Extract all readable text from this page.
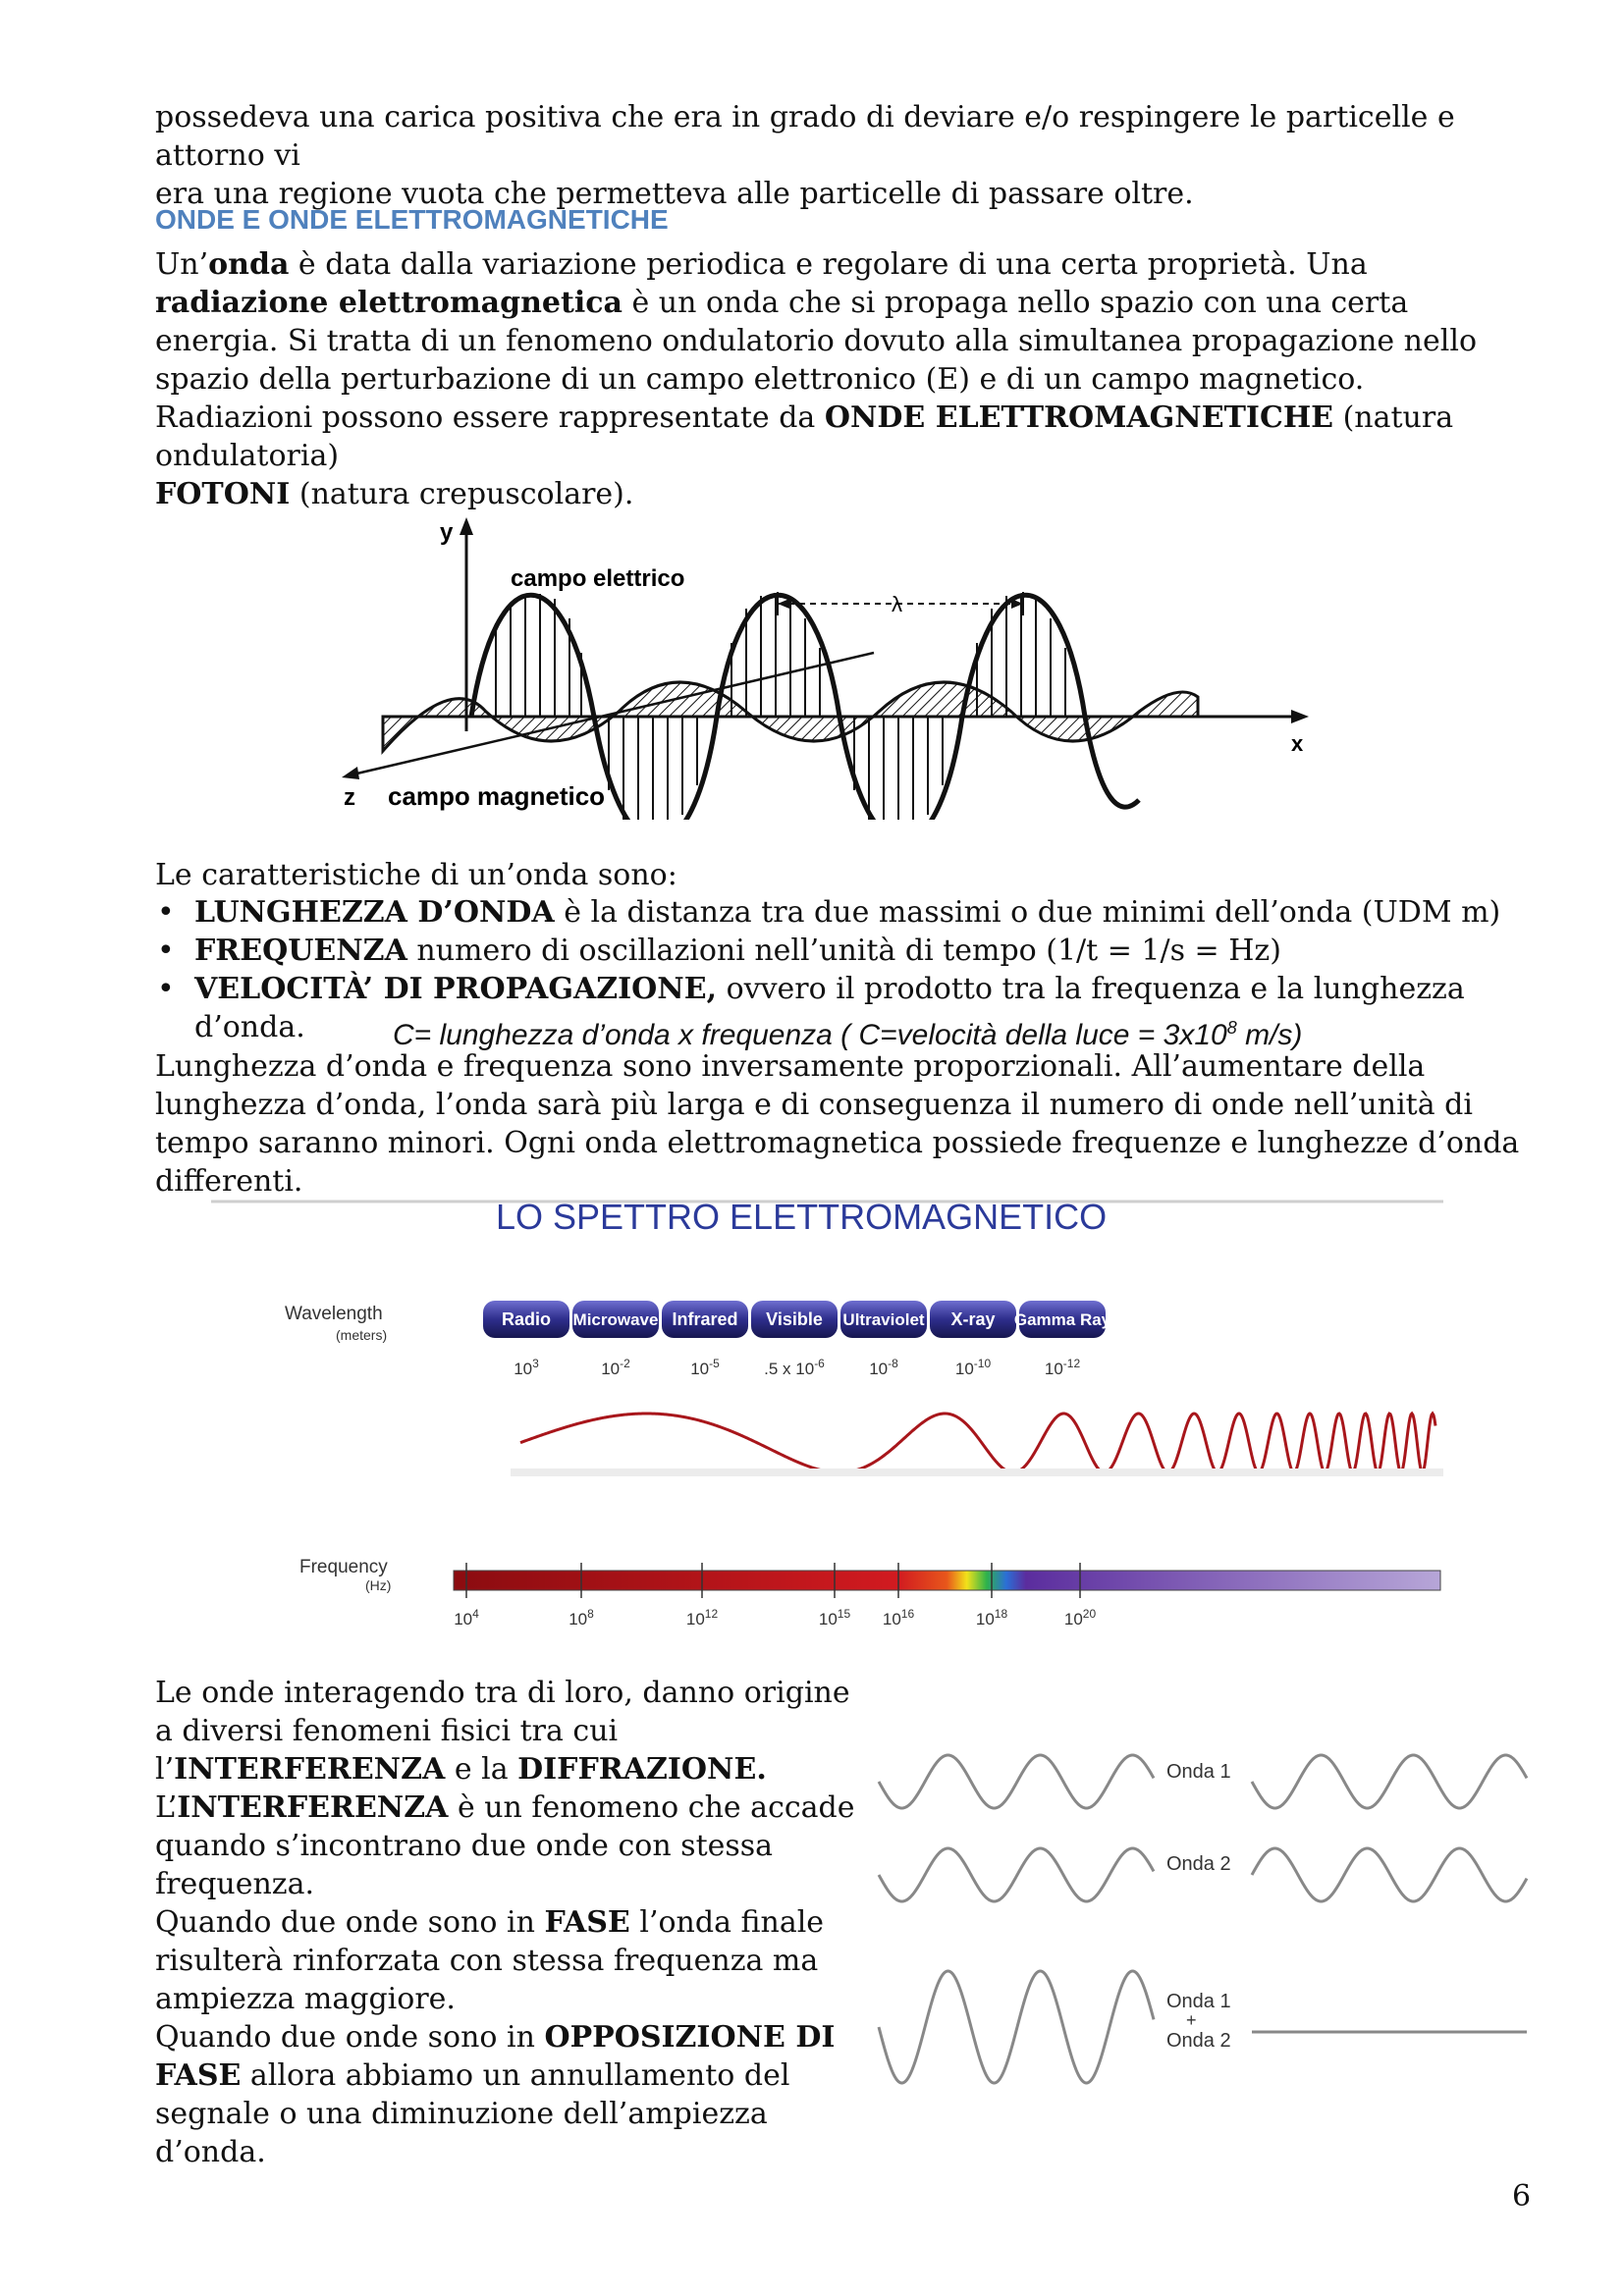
possedeva una carica positiva che era in grado di deviare e/o respingere le particelle e attorno vi
era una regione vuota che permetteva alle particelle di passare oltre.

ONDE E ONDE ELETTROMAGNETICHE

Un’onda è data dalla variazione periodica e regolare di una certa proprietà. Una radiazione elettromagnetica è un onda che si propaga nello spazio con una certa energia. Si tratta di un fenomeno ondulatorio dovuto alla simultanea propagazione nello spazio della perturbazione di un campo elettronico (E) e di un campo magnetico.

Radiazioni possono essere rappresentate da ONDE ELETTROMAGNETICHE (natura ondulatoria)
FOTONI (natura crepuscolare).

y
x
z
λ
campo elettrico
campo magnetico

Le caratteristiche di un’onda sono:

• LUNGHEZZA D’ONDA è la distanza tra due massimi o due minimi dell’onda (UDM m)
• FREQUENZA numero di oscillazioni nell’unità di tempo (1/t = 1/s = Hz)
• VELOCITÀ’ DI PROPAGAZIONE, ovvero il prodotto tra la frequenza e la lunghezza d’onda.	C= lunghezza d’onda x frequenza ( C=velocità della luce = $3x10^8$ m/s)

Lunghezza d’onda e frequenza sono inversamente proporzionali. All’aumentare della lunghezza d’onda, l’onda sarà più larga e di conseguenza il numero di onde nell’unità di tempo saranno minori. Ogni onda elettromagnetica possiede frequenze e lunghezze d’onda differenti.

LO SPETTRO ELETTROMAGNETICO
Wavelength
(meters)
Radio
$10^3$
Microwave
$10^{-2}$
Infrared
$10^{-5}$
Visible
.5 x $10^{-6}$
Ultraviolet
$10^{-8}$
X-ray
$10^{-10}$
Gamma Ray
$10^{-12}$
Frequency
(Hz)
$10^4$	$10^8$	$10^{12}$	$10^{15}$ $10^{16}$	$10^{18}$	$10^{20}$

Le onde interagendo tra di loro, danno origine a diversi fenomeni fisici tra cui l’INTERFERENZA e la DIFFRAZIONE.
L’INTERFERENZA è un fenomeno che accade quando s’incontrano due onde con stessa frequenza.
Quando due onde sono in FASE l’onda finale risulterà rinforzata con stessa frequenza ma ampiezza maggiore.
Quando due onde sono in OPPOSIZIONE DI FASE allora abbiamo un annullamento del segnale o una diminuzione dell’ampiezza d’onda.

Onda 1
Onda 2
Onda 1
+
Onda 2
6
